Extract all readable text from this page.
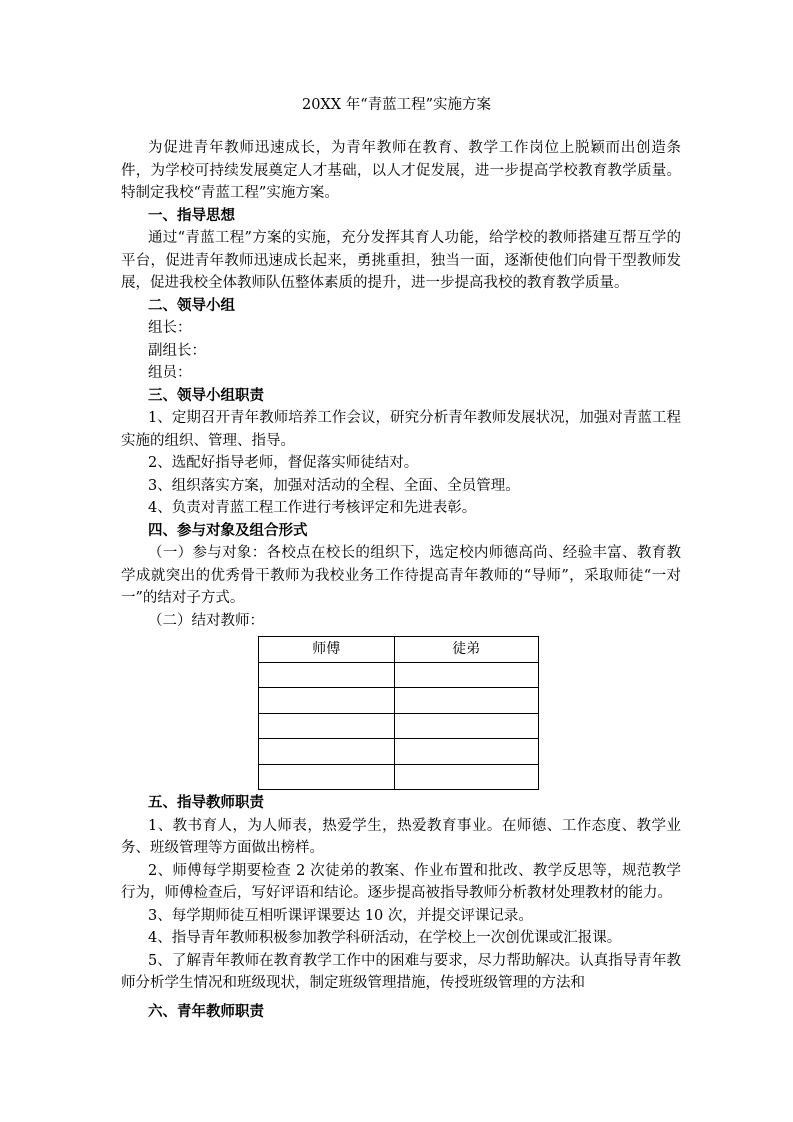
20XX 年“青蓝工程”实施方案

为促进青年教师迅速成长，为青年教师在教育、教学工作岗位上脱颖而出创造条件，为学校可持续发展奠定人才基础，以人才促发展，进一步提高学校教育教学质量。特制定我校“青蓝工程”实施方案。

一、指导思想

通过“青蓝工程”方案的实施，充分发挥其育人功能，给学校的教师搭建互帮互学的平台，促进青年教师迅速成长起来，勇挑重担，独当一面，逐渐使他们向骨干型教师发展，促进我校全体教师队伍整体素质的提升，进一步提高我校的教育教学质量。

二、领导小组

组长：

副组长：

组员：

三、领导小组职责

1、定期召开青年教师培养工作会议，研究分析青年教师发展状况，加强对青蓝工程实施的组织、管理、指导。

2、选配好指导老师，督促落实师徒结对。

3、组织落实方案，加强对活动的全程、全面、全员管理。

4、负责对青蓝工程工作进行考核评定和先进表彰。

四、参与对象及组合形式

（一）参与对象：各校点在校长的组织下，选定校内师德高尚、经验丰富、教育教学成就突出的优秀骨干教师为我校业务工作待提高青年教师的“导师”，采取师徒“一对一”的结对子方式。

（二）结对教师：

师傅	徒弟

五、指导教师职责

1、教书育人，为人师表，热爱学生，热爱教育事业。在师德、工作态度、教学业务、班级管理等方面做出榜样。

2、师傅每学期要检查 2 次徒弟的教案、作业布置和批改、教学反思等，规范教学行为，师傅检查后，写好评语和结论。逐步提高被指导教师分析教材处理教材的能力。

3、每学期师徒互相听课评课要达 10 次，并提交评课记录。

4、指导青年教师积极参加教学科研活动，在学校上一次创优课或汇报课。

5、了解青年教师在教育教学工作中的困难与要求，尽力帮助解决。认真指导青年教师分析学生情况和班级现状，制定班级管理措施，传授班级管理的方法和

六、青年教师职责
